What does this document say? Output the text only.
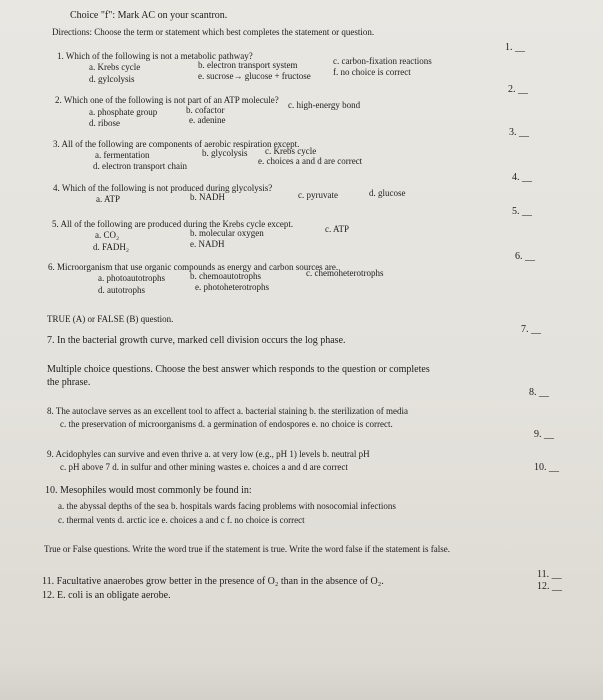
Choice "f": Mark AC on your scantron.
Directions: Choose the term or statement which best completes the statement or question.
1. Which of the following is not a metabolic pathway?
a. Krebs cycle	b. electron transport system	c. carbon-fixation reactions
d. gylcolysis	e. sucrose→ glucose + fructose f. no choice is correct
1. __
2. Which one of the following is not part of an ATP molecule?
a. phosphate group	b. cofactor	c. high-energy bond
d. ribose	e. adenine
2. __
3. All of the following are components of aerobic respiration except.
a. fermentation	b. glycolysis c. Krebs cycle
d. electron transport chain	e. choices a and d are correct
3. __
4. Which of the following is not produced during glycolysis?
a. ATP	b. NADH	c. pyruvate	d. glucose
4. __
5. All of the following are produced during the Krebs cycle except.
a. CO₂	b. molecular oxygen	c. ATP
d. FADH₂	e. NADH
5. __
6. Microorganism that use organic compounds as energy and carbon sources are.
a. photoautotrophs	b. chemoautotrophs	c. chemoheterotrophs
d. autotrophs	e. photoheterotrophs
6. __
TRUE (A) or FALSE (B) question.
7. In the bacterial growth curve, marked cell division occurs the log phase.
7. __
Multiple choice questions. Choose the best answer which responds to the question or completes
the phrase.
8. The autoclave serves as an excellent tool to affect a. bacterial staining b. the sterilization of media
c. the preservation of microorganisms d. a germination of endospores e. no choice is correct.
8. __
9. Acidophyles can survive and even thrive a. at very low (e.g., pH 1) levels b. neutral pH
c. pH above 7 d. in sulfur and other mining wastes e. choices a and d are correct
9. __
10. Mesophiles would most commonly be found in:
10. __
a. the abyssal depths of the sea b. hospitals wards facing problems with nosocomial infections
c. thermal vents d. arctic ice e. choices a and c f. no choice is correct
True or False questions. Write the word true if the statement is true. Write the word false if the statement is false.
11. Facultative anaerobes grow better in the presence of O₂ than in the absence of O₂.
12. E. coli is an obligate aerobe.
11. __
12. __
